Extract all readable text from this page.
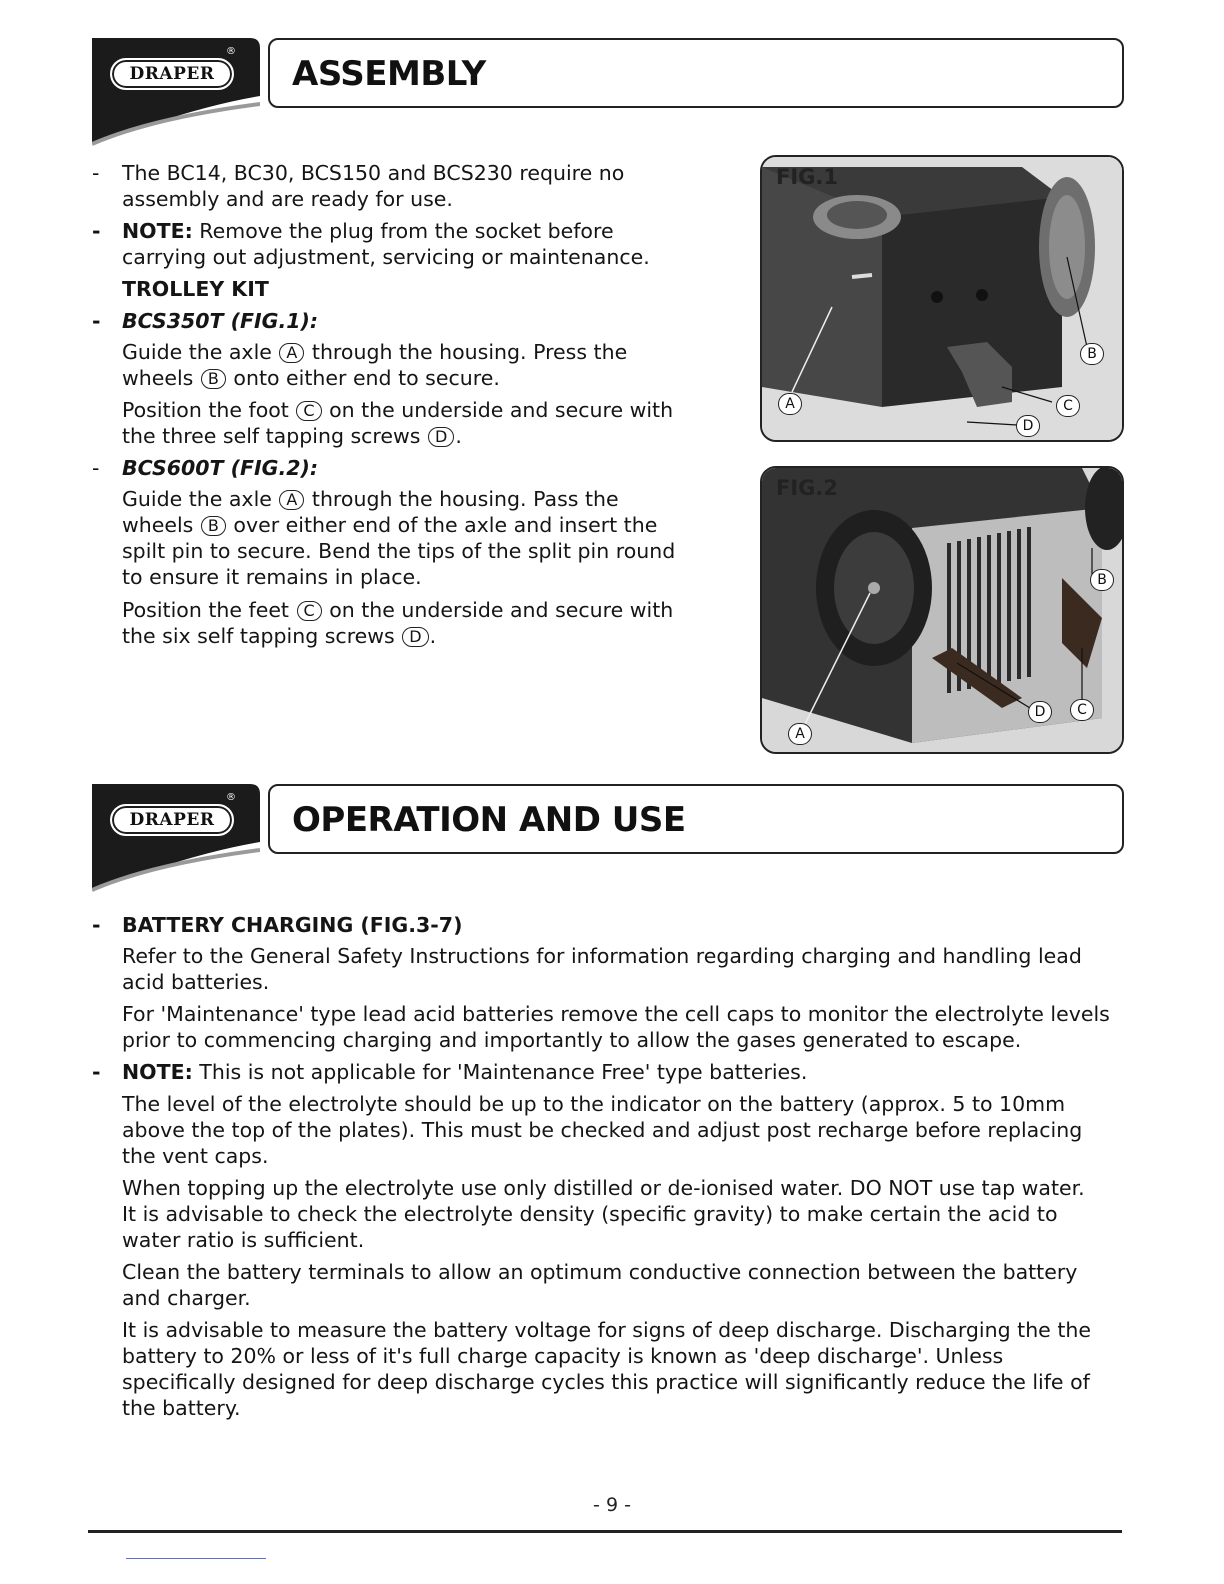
DRAPER
®
ASSEMBLY
- The BC14, BC30, BCS150 and BCS230 require no
assembly and are ready for use.
- NOTE: Remove the plug from the socket before
carrying out adjustment, servicing or maintenance.
TROLLEY KIT
- BCS350T (FIG.1):
Guide the axle A through the housing. Press the
wheels B onto either end to secure.
Position the foot C on the underside and secure with
the three self tapping screws D .
- BCS600T (FIG.2):
Guide the axle A through the housing. Pass the
wheels B over either end of the axle and insert the
spilt pin to secure. Bend the tips of the split pin round
to ensure it remains in place.
Position the feet C on the underside and secure with
the six self tapping screws D .
FIG.1
B
A	C
D
FIG.2
B
D	C
A
DRAPER
®
OPERATION AND USE
- BATTERY CHARGING (FIG.3-7)
Refer to the General Safety Instructions for information regarding charging and handling lead
acid batteries.
For 'Maintenance' type lead acid batteries remove the cell caps to monitor the electrolyte levels
prior to commencing charging and importantly to allow the gases generated to escape.
- NOTE: This is not applicable for 'Maintenance Free' type batteries.
The level of the electrolyte should be up to the indicator on the battery (approx. 5 to 10mm
above the top of the plates). This must be checked and adjust post recharge before replacing
the vent caps.
When topping up the electrolyte use only distilled or de-ionised water. DO NOT use tap water.
It is advisable to check the electrolyte density (specific gravity) to make certain the acid to
water ratio is sufficient.
Clean the battery terminals to allow an optimum conductive connection between the battery
and charger.
It is advisable to measure the battery voltage for signs of deep discharge. Discharging the the
battery to 20% or less of it's full charge capacity is known as 'deep discharge'. Unless
specifically designed for deep discharge cycles this practice will significantly reduce the life of
the battery.
- 9 -
